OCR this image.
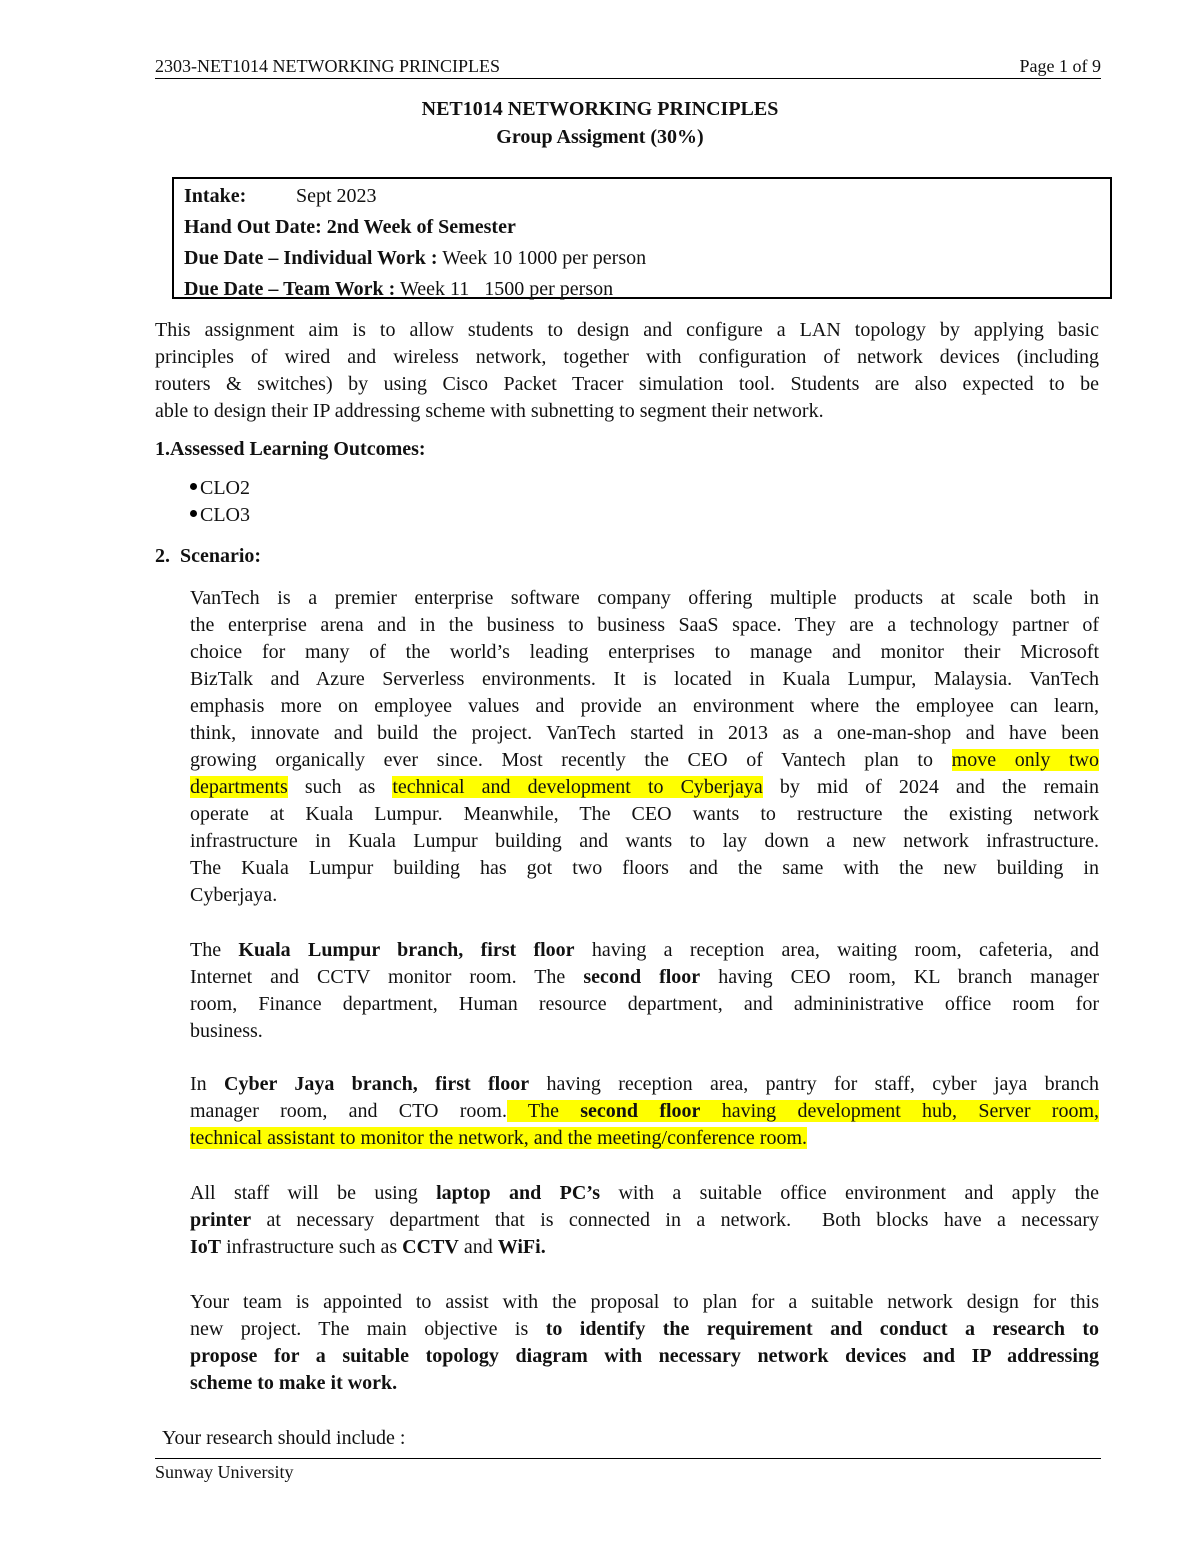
2303-NET1014 NETWORKING PRINCIPLES	Page 1 of 9
NET1014 NETWORKING PRINCIPLES
Group Assigment (30%)
Intake: Sept 2023
Hand Out Date: 2nd Week of Semester
Due Date – Individual Work : Week 10 1000 per person
Due Date – Team Work : Week 11   1500 per person
This assignment aim is to allow students to design and configure a LAN topology by applying basic
principles of wired and wireless network, together with configuration of network devices (including
routers & switches) by using Cisco Packet Tracer simulation tool. Students are also expected to be
able to design their IP addressing scheme with subnetting to segment their network.
1.Assessed Learning Outcomes:
CLO2
CLO3
2.  Scenario:
VanTech is a premier enterprise software company offering multiple products at scale both in
the enterprise arena and in the business to business SaaS space. They are a technology partner of
choice for many of the world’s leading enterprises to manage and monitor their Microsoft
BizTalk and Azure Serverless environments. It is located in Kuala Lumpur, Malaysia. VanTech
emphasis more on employee values and provide an environment where the employee can learn,
think, innovate and build the project. VanTech started in 2013 as a one-man-shop and have been
growing organically ever since. Most recently the CEO of Vantech plan to move only two
departments such as technical and development to Cyberjaya by mid of 2024 and the remain
operate at Kuala Lumpur. Meanwhile, The CEO wants to restructure the existing network
infrastructure in Kuala Lumpur building and wants to lay down a new network infrastructure.
The Kuala Lumpur building has got two floors and the same with the new building in
Cyberjaya.
The Kuala Lumpur branch, first floor having a reception area, waiting room, cafeteria, and
Internet and CCTV monitor room. The second floor having CEO room, KL branch manager
room, Finance department, Human resource department, and admininistrative office room for
business.
In Cyber Jaya branch, first floor having reception area, pantry for staff, cyber jaya branch
manager room, and CTO room. The second floor having development hub, Server room,
technical assistant to monitor the network, and the meeting/conference room.
All staff will be using laptop and PC’s with a suitable office environment and apply the
printer at necessary department that is connected in a network.  Both blocks have a necessary
IoT infrastructure such as CCTV and WiFi.
Your team is appointed to assist with the proposal to plan for a suitable network design for this
new project. The main objective is to identify the requirement and conduct a research to
propose for a suitable topology diagram with necessary network devices and IP addressing
scheme to make it work.
Your research should include :
Sunway University
